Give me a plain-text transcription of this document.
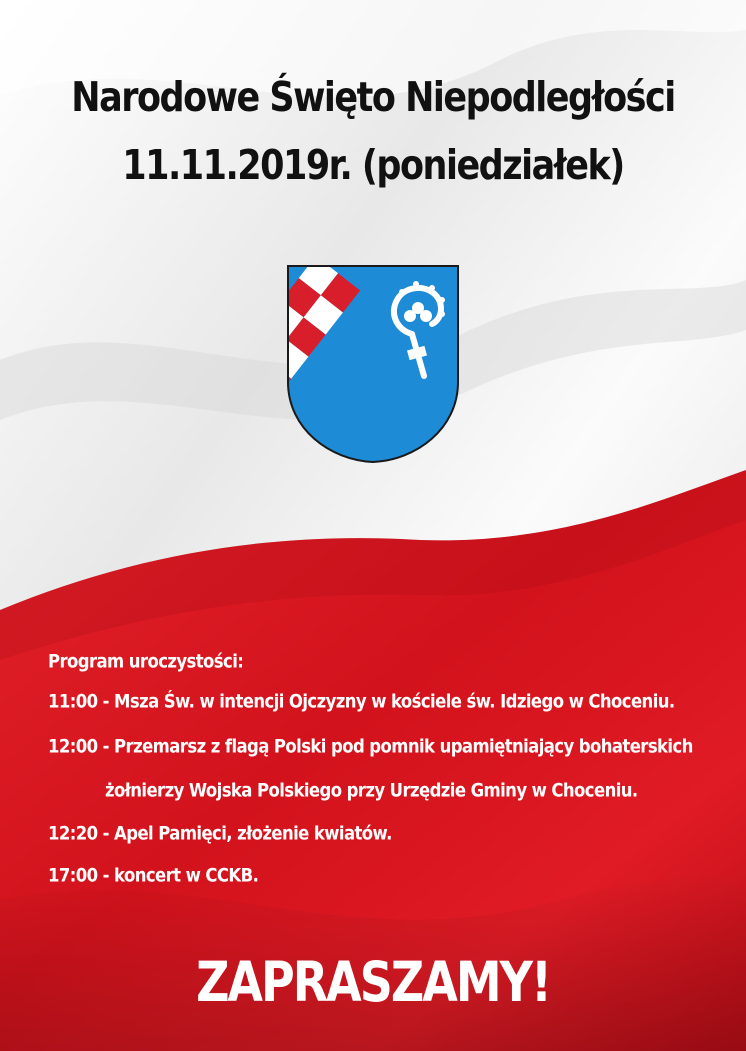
Narodowe Święto Niepodległości
11.11.2019r. (poniedziałek)
Program uroczystości:
11:00 - Msza Św. w intencji Ojczyzny w kościele św. Idziego w Choceniu.
12:00 - Przemarsz z flagą Polski pod pomnik upamiętniający bohaterskich
żołnierzy Wojska Polskiego przy Urzędzie Gminy w Choceniu.
12:20 - Apel Pamięci, złożenie kwiatów.
17:00 - koncert w CCKB.
ZAPRASZAMY!
